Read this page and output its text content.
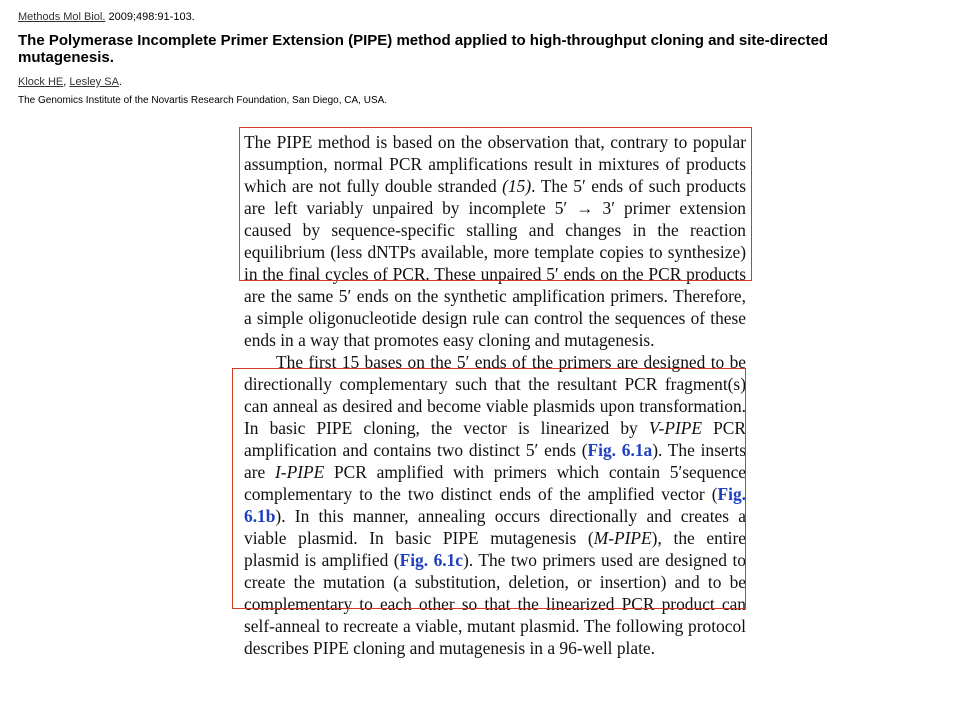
Methods Mol Biol. 2009;498:91-103.
The Polymerase Incomplete Primer Extension (PIPE) method applied to high-throughput cloning and site-directed mutagenesis.
Klock HE, Lesley SA.
The Genomics Institute of the Novartis Research Foundation, San Diego, CA, USA.

The PIPE method is based on the observation that, contrary to popular assumption, normal PCR amplifications result in mixtures of products which are not fully double stranded (15). The 5′ ends of such products are left variably unpaired by incomplete 5′ → 3′ primer extension caused by sequence-specific stalling and changes in the reaction equilibrium (less dNTPs available, more template copies to synthesize) in the final cycles of PCR. These unpaired 5′ ends on the PCR products are the same 5′ ends on the synthetic amplification primers. Therefore, a simple oligonucleotide design rule can control the sequences of these ends in a way that promotes easy cloning and mutagenesis.

The first 15 bases on the 5′ ends of the primers are designed to be directionally complementary such that the resultant PCR fragment(s) can anneal as desired and become viable plasmids upon transformation. In basic PIPE cloning, the vector is linearized by V-PIPE PCR amplification and contains two distinct 5′ ends (Fig. 6.1a). The inserts are I-PIPE PCR amplified with primers which contain 5′sequence complementary to the two distinct ends of the amplified vector (Fig. 6.1b). In this manner, annealing occurs directionally and creates a viable plasmid. In basic PIPE mutagenesis (M-PIPE), the entire plasmid is amplified (Fig. 6.1c). The two primers used are designed to create the mutation (a substitution, deletion, or insertion) and to be complementary to each other so that the linearized PCR product can self-anneal to recreate a viable, mutant plasmid. The following protocol describes PIPE cloning and mutagenesis in a 96-well plate.
